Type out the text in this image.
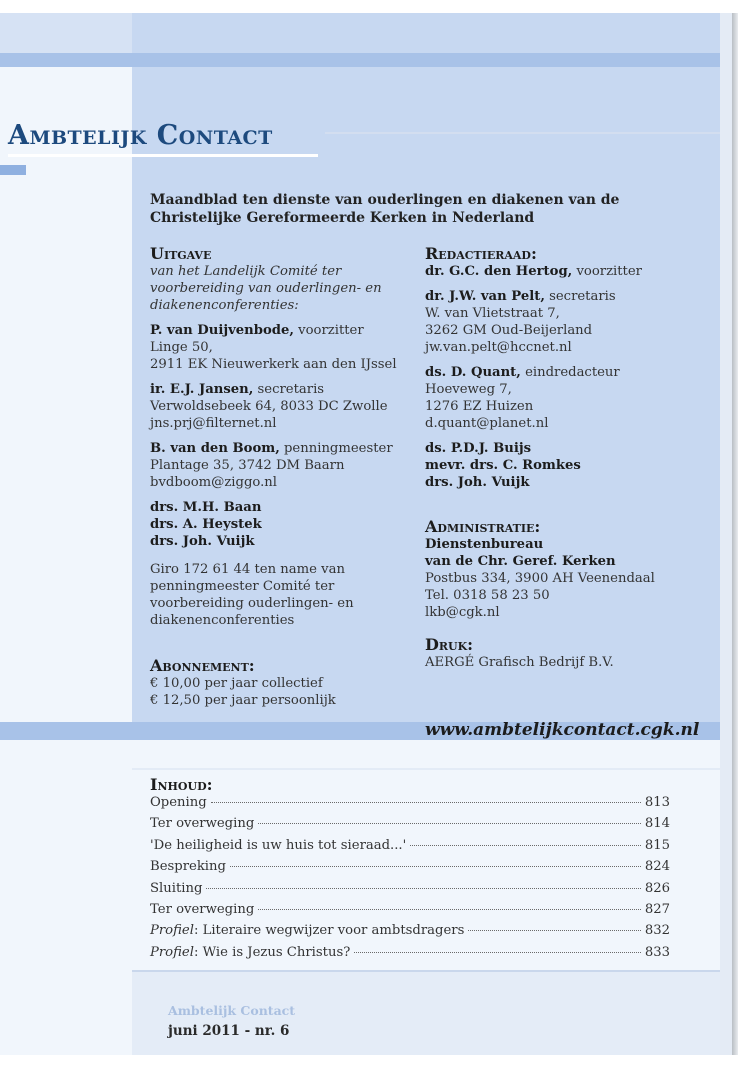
Ambtelijk Contact

Maandblad ten dienste van ouderlingen en diakenen van de Christelijke Gereformeerde Kerken in Nederland

Uitgave
van het Landelijk Comité ter voorbereiding van ouderlingen- en diakenenconferenties:
P. van Duijvenbode, voorzitter
Linge 50,
2911 EK Nieuwerkerk aan den IJssel
ir. E.J. Jansen, secretaris
Verwoldsebeek 64, 8033 DC Zwolle
jns.prj@filternet.nl
B. van den Boom, penningmeester
Plantage 35, 3742 DM Baarn
bvdboom@ziggo.nl
drs. M.H. Baan
drs. A. Heystek
drs. Joh. Vuijk
Giro 172 61 44 ten name van penningmeester Comité ter voorbereiding ouderlingen- en diakenenconferenties
Abonnement:
€ 10,00 per jaar collectief
€ 12,50 per jaar persoonlijk
Redactieraad:
dr. G.C. den Hertog, voorzitter
dr. J.W. van Pelt, secretaris
W. van Vlietstraat 7,
3262 GM Oud-Beijerland
jw.van.pelt@hccnet.nl
ds. D. Quant, eindredacteur
Hoeveweg 7,
1276 EZ Huizen
d.quant@planet.nl
ds. P.D.J. Buijs
mevr. drs. C. Romkes
drs. Joh. Vuijk
Administratie:
Dienstenbureau
van de Chr. Geref. Kerken
Postbus 334, 3900 AH Veenendaal
Tel. 0318 58 23 50
lkb@cgk.nl
Druk:
AERGÉ Grafisch Bedrijf B.V.
www.ambtelijkcontact.cgk.nl
Inhoud:
Opening	813
Ter overweging	814
'De heiligheid is uw huis tot sieraad...'	815
Bespreking	824
Sluiting	826
Ter overweging	827
Profiel: Literaire wegwijzer voor ambtsdragers	832
Profiel: Wie is Jezus Christus?	833
Ambtelijk Contact
juni 2011 - nr. 6
